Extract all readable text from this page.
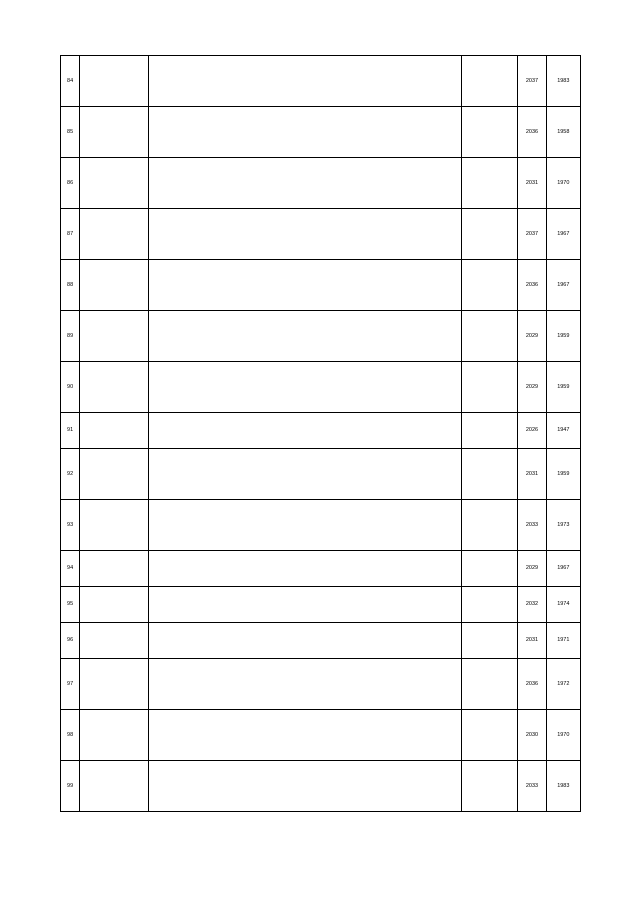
84				2037	1983
85				2036	1958
86				2031	1970
87				2037	1967
88				2036	1967
89				2029	1959
90				2029	1959
91				2026	1947
92				2031	1959
93				2033	1973
94				2029	1967
95				2032	1974
96				2031	1971
97				2036	1972
98				2030	1970
99				2033	1983
